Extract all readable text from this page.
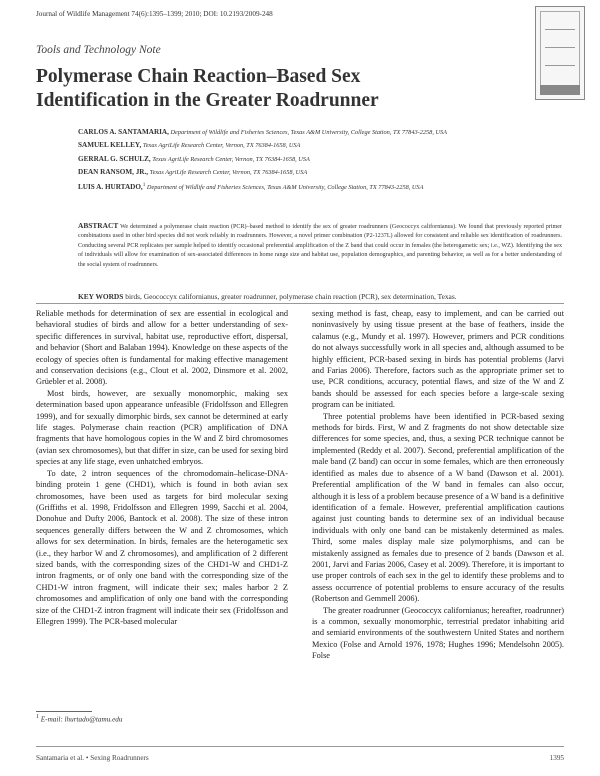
Journal of Wildlife Management 74(6):1395–1399; 2010; DOI: 10.2193/2009-248
Tools and Technology Note
Polymerase Chain Reaction–Based Sex
Identification in the Greater Roadrunner
CARLOS A. SANTAMARIA, Department of Wildlife and Fisheries Sciences, Texas A&M University, College Station, TX 77843-2258, USA
SAMUEL KELLEY, Texas AgriLife Research Center, Vernon, TX 76384-1658, USA
GERRAL G. SCHULZ, Texas AgriLife Research Center, Vernon, TX 76384-1658, USA
DEAN RANSOM, JR., Texas AgriLife Research Center, Vernon, TX 76384-1658, USA
LUIS A. HURTADO,$^1$ Department of Wildlife and Fisheries Sciences, Texas A&M University, College Station, TX 77843-2258, USA
ABSTRACT We determined a polymerase chain reaction (PCR)–based method to identify the sex of greater roadrunners (Geococcyx californianus). We found that previously reported primer combinations used in other bird species did not work reliably in roadrunners. However, a novel primer combination (P2-1237L) allowed for consistent and reliable sex identification of roadrunners. Conducting several PCR replicates per sample helped to identify occasional preferential amplification of the Z band that could occur in females (the heterogametic sex; i.e., WZ). Identifying the sex of individuals will allow for examination of sex-associated differences in home range size and habitat use, population demographics, and parenting behavior, as well as for a better understanding of the social system of roadrunners.
KEY WORDS birds, Geococcyx californianus, greater roadrunner, polymerase chain reaction (PCR), sex determination, Texas.

Reliable methods for determination of sex are essential in ecological and behavioral studies of birds and allow for a better understanding of sex-specific differences in survival, habitat use, reproductive effort, dispersal, and behavior (Short and Balaban 1994). Knowledge on these aspects of the ecology of species often is fundamental for making effective management and conservation decisions (e.g., Clout et al. 2002, Dinsmore et al. 2002, Grüebler et al. 2008).

Most birds, however, are sexually monomorphic, making sex determination based upon appearance unfeasible (Fridolfsson and Ellegren 1999), and for sexually dimorphic birds, sex cannot be determined at early life stages. Polymerase chain reaction (PCR) amplification of DNA fragments that have homologous copies in the W and Z bird chromosomes (avian sex chromosomes), but that differ in size, can be used for sexing bird species at any life stage, even unhatched embryos.

To date, 2 intron sequences of the chromodomain–helicase-DNA-binding protein 1 gene (CHD1), which is found in both avian sex chromosomes, have been used as targets for bird molecular sexing (Griffiths et al. 1998, Fridolfsson and Ellegren 1999, Sacchi et al. 2004, Donohue and Dufty 2006, Bantock et al. 2008). The size of these intron sequences generally differs between the W and Z chromosomes, which allows for sex determination. In birds, females are the heterogametic sex (i.e., they harbor W and Z chromosomes), and amplification of 2 different sized bands, with the corresponding sizes of the CHD1-W and CHD1-Z intron fragments, or of only one band with the corresponding size of the CHD1-W intron fragment, will indicate their sex; males harbor 2 Z chromosomes and amplification of only one band with the corresponding size of the CHD1-Z intron fragment will indicate their sex (Fridolfsson and Ellegren 1999). The PCR-based molecular

sexing method is fast, cheap, easy to implement, and can be carried out noninvasively by using tissue present at the base of feathers, inside the calamus (e.g., Mundy et al. 1997). However, primers and PCR conditions do not always successfully work in all species and, although assumed to be highly efficient, PCR-based sexing in birds has potential problems (Jarvi and Farias 2006). Therefore, factors such as the appropriate primer set to use, PCR conditions, accuracy, potential flaws, and size of the W and Z bands should be assessed for each species before a large-scale sexing program can be initiated.

Three potential problems have been identified in PCR-based sexing methods for birds. First, W and Z fragments do not show detectable size differences for some species, and, thus, a sexing PCR technique cannot be implemented (Reddy et al. 2007). Second, preferential amplification of the male band (Z band) can occur in some females, which are then erroneously identified as males due to absence of a W band (Dawson et al. 2001). Preferential amplification of the W band in females can also occur, although it is less of a problem because presence of a W band is a definitive identification of a female. However, preferential amplification cautions against just counting bands to determine sex of an individual because individuals with only one band can be mistakenly determined as males. Third, some males display male size polymorphisms, and can be mistakenly assigned as females due to presence of 2 bands (Dawson et al. 2001, Jarvi and Farias 2006, Casey et al. 2009). Therefore, it is important to use proper controls of each sex in the gel to identify these problems and to assess occurrence of potential problems to ensure accuracy of the results (Robertson and Gemmell 2006).

The greater roadrunner (Geococcyx californianus; hereafter, roadrunner) is a common, sexually monomorphic, terrestrial predator inhabiting arid and semiarid environments of the southwestern United States and northern Mexico (Folse and Arnold 1976, 1978; Hughes 1996; Mendelsohn 2005). Folse

$^1$ E-mail: lhurtado@tamu.edu
Santamaria et al. • Sexing Roadrunners	1395
